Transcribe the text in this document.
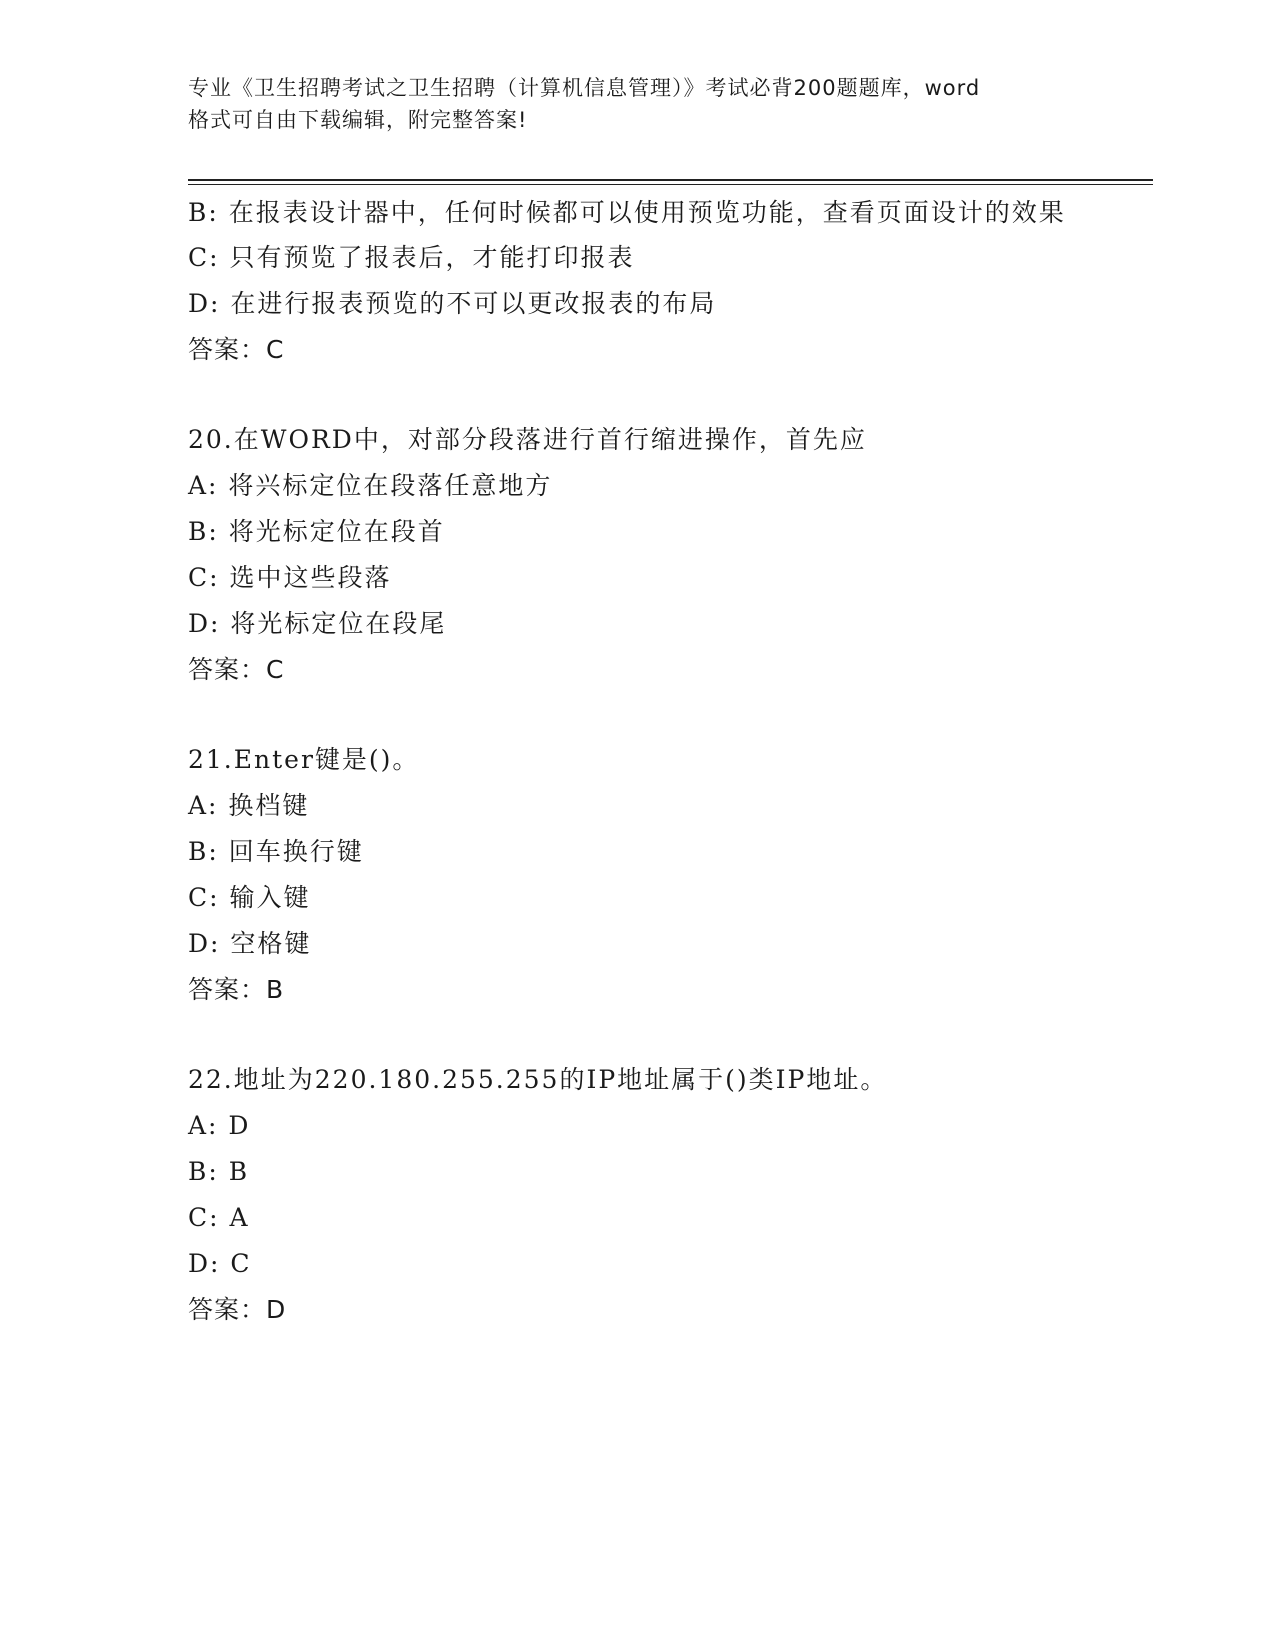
专业《卫生招聘考试之卫生招聘（计算机信息管理）》考试必背200题题库，word
格式可自由下载编辑，附完整答案!
B: 在报表设计器中，任何时候都可以使用预览功能，查看页面设计的效果
C: 只有预览了报表后，才能打印报表
D: 在进行报表预览的不可以更改报表的布局
答案：C
20.在WORD中，对部分段落进行首行缩进操作，首先应
A: 将兴标定位在段落任意地方
B: 将光标定位在段首
C: 选中这些段落
D: 将光标定位在段尾
答案：C
21.Enter键是()。
A: 换档键
B: 回车换行键
C: 输入键
D: 空格键
答案：B
22.地址为220.180.255.255的IP地址属于()类IP地址。
A: D
B: B
C: A
D: C
答案：D
